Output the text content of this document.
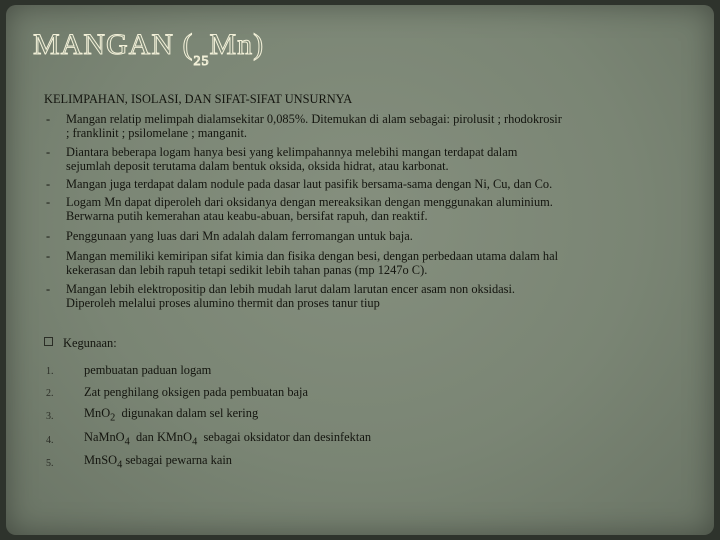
MANGAN $(_{25}Mn)$
KELIMPAHAN, ISOLASI, DAN SIFAT-SIFAT UNSURNYA
- Mangan relatip melimpah dialamsekitar 0,085%. Ditemukan di alam sebagai: pirolusit ; rhodokrosir
; franklinit ; psilomelane ; manganit.
- Diantara beberapa logam hanya besi yang kelimpahannya melebihi mangan terdapat dalam
sejumlah deposit terutama dalam bentuk oksida, oksida hidrat, atau karbonat.
- Mangan juga terdapat dalam nodule pada dasar laut pasifik bersama-sama dengan Ni, Cu, dan Co.
- Logam Mn dapat diperoleh dari oksidanya dengan mereaksikan dengan menggunakan aluminium.
Berwarna putih kemerahan atau keabu-abuan, bersifat rapuh, dan reaktif.
- Penggunaan yang luas dari Mn adalah dalam ferromangan untuk baja.
- Mangan memiliki kemiripan sifat kimia dan fisika dengan besi, dengan perbedaan utama dalam hal
kekerasan dan lebih rapuh tetapi sedikit lebih tahan panas (mp 1247o C).
- Mangan lebih elektropositip dan lebih mudah larut dalam larutan encer asam non oksidasi.
Diperoleh melalui proses alumino thermit dan proses tanur tiup
Kegunaan:
1. pembuatan paduan logam
2. Zat penghilang oksigen pada pembuatan baja
3. MnO$_2$  digunakan dalam sel kering
4. NaMnO$_4$  dan KMnO$_4$  sebagai oksidator dan desinfektan
5. MnSO$_4$ sebagai pewarna kain
